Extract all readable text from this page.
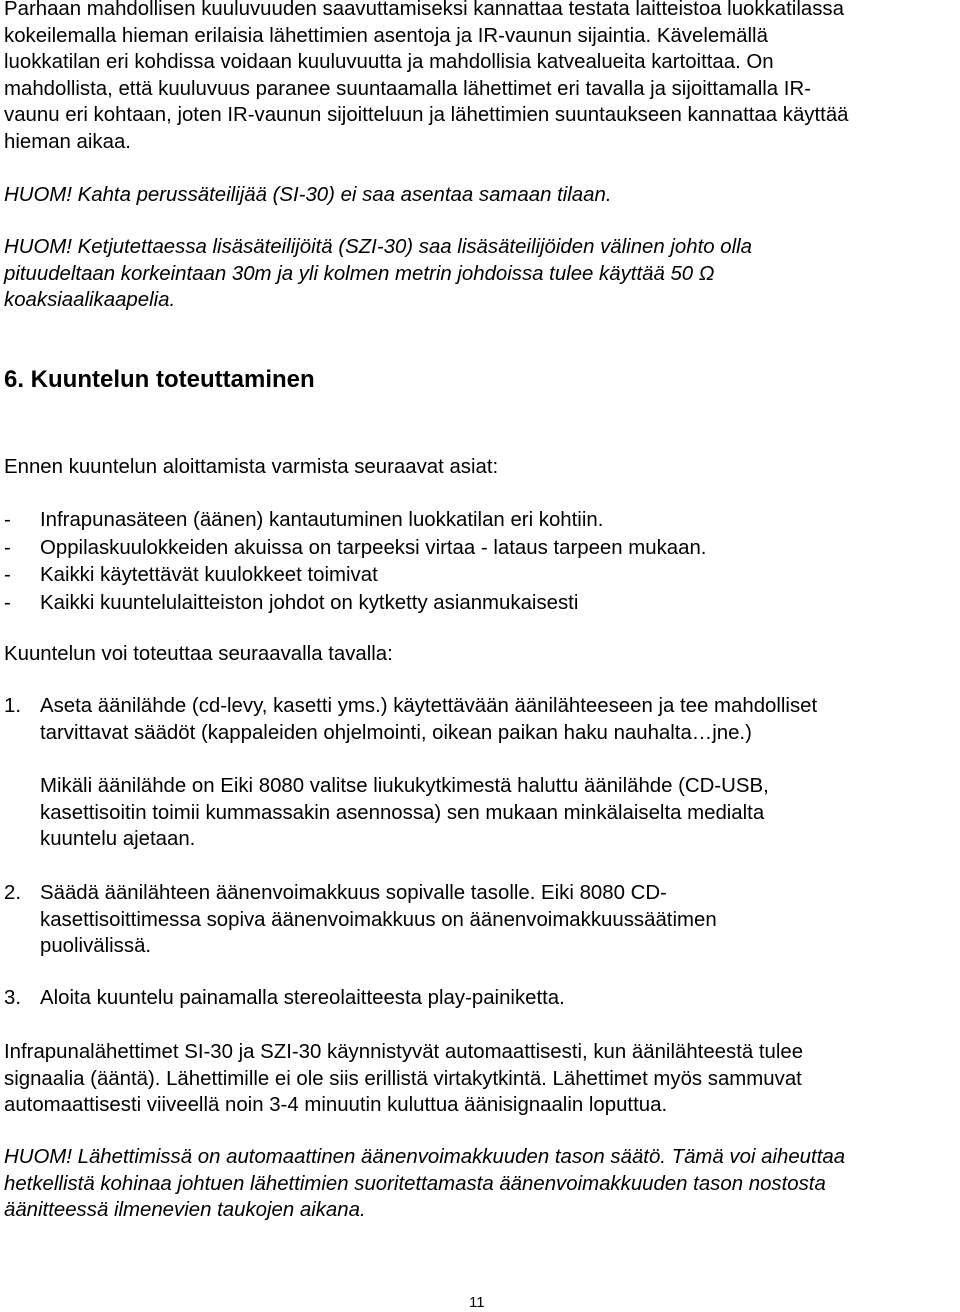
Parhaan mahdollisen kuuluvuuden saavuttamiseksi kannattaa testata laitteistoa luokkatilassa
kokeilemalla hieman erilaisia lähettimien asentoja ja IR-vaunun sijaintia. Kävelemällä
luokkatilan eri kohdissa voidaan kuuluvuutta ja mahdollisia katvealueita kartoittaa. On
mahdollista, että kuuluvuus paranee suuntaamalla lähettimet eri tavalla ja sijoittamalla IR-
vaunu eri kohtaan, joten IR-vaunun sijoitteluun ja lähettimien suuntaukseen kannattaa käyttää
hieman aikaa.
HUOM! Kahta perussäteilijää (SI-30) ei saa asentaa samaan tilaan.
HUOM! Ketjutettaessa lisäsäteilijöitä (SZI-30) saa lisäsäteilijöiden välinen johto olla
pituudeltaan korkeintaan 30m ja yli kolmen metrin johdoissa tulee käyttää 50 Ω
koaksiaalikaapelia.
6. Kuuntelun toteuttaminen
Ennen kuuntelun aloittamista varmista seuraavat asiat:
- Infrapunasäteen (äänen) kantautuminen luokkatilan eri kohtiin.
- Oppilaskuulokkeiden akuissa on tarpeeksi virtaa - lataus tarpeen mukaan.
- Kaikki käytettävät kuulokkeet toimivat
- Kaikki kuuntelulaitteiston johdot on kytketty asianmukaisesti
Kuuntelun voi toteuttaa seuraavalla tavalla:
1. Aseta äänilähde (cd-levy, kasetti yms.) käytettävään äänilähteeseen ja tee mahdolliset
tarvittavat säädöt (kappaleiden ohjelmointi, oikean paikan haku nauhalta…jne.)
Mikäli äänilähde on Eiki 8080 valitse liukukytkimestä haluttu äänilähde (CD-USB,
kasettisoitin toimii kummassakin asennossa) sen mukaan minkälaiselta medialta
kuuntelu ajetaan.
2. Säädä äänilähteen äänenvoimakkuus sopivalle tasolle. Eiki 8080 CD-
kasettisoittimessa sopiva äänenvoimakkuus on äänenvoimakkuussäätimen
puolivälissä.
3. Aloita kuuntelu painamalla stereolaitteesta play-painiketta.
Infrapunalähettimet SI-30 ja SZI-30 käynnistyvät automaattisesti, kun äänilähteestä tulee
signaalia (ääntä). Lähettimille ei ole siis erillistä virtakytkintä. Lähettimet myös sammuvat
automaattisesti viiveellä noin 3-4 minuutin kuluttua äänisignaalin loputtua.
HUOM! Lähettimissä on automaattinen äänenvoimakkuuden tason säätö. Tämä voi aiheuttaa
hetkellistä kohinaa johtuen lähettimien suoritettamasta äänenvoimakkuuden tason nostosta
äänitteessä ilmenevien taukojen aikana.
11
